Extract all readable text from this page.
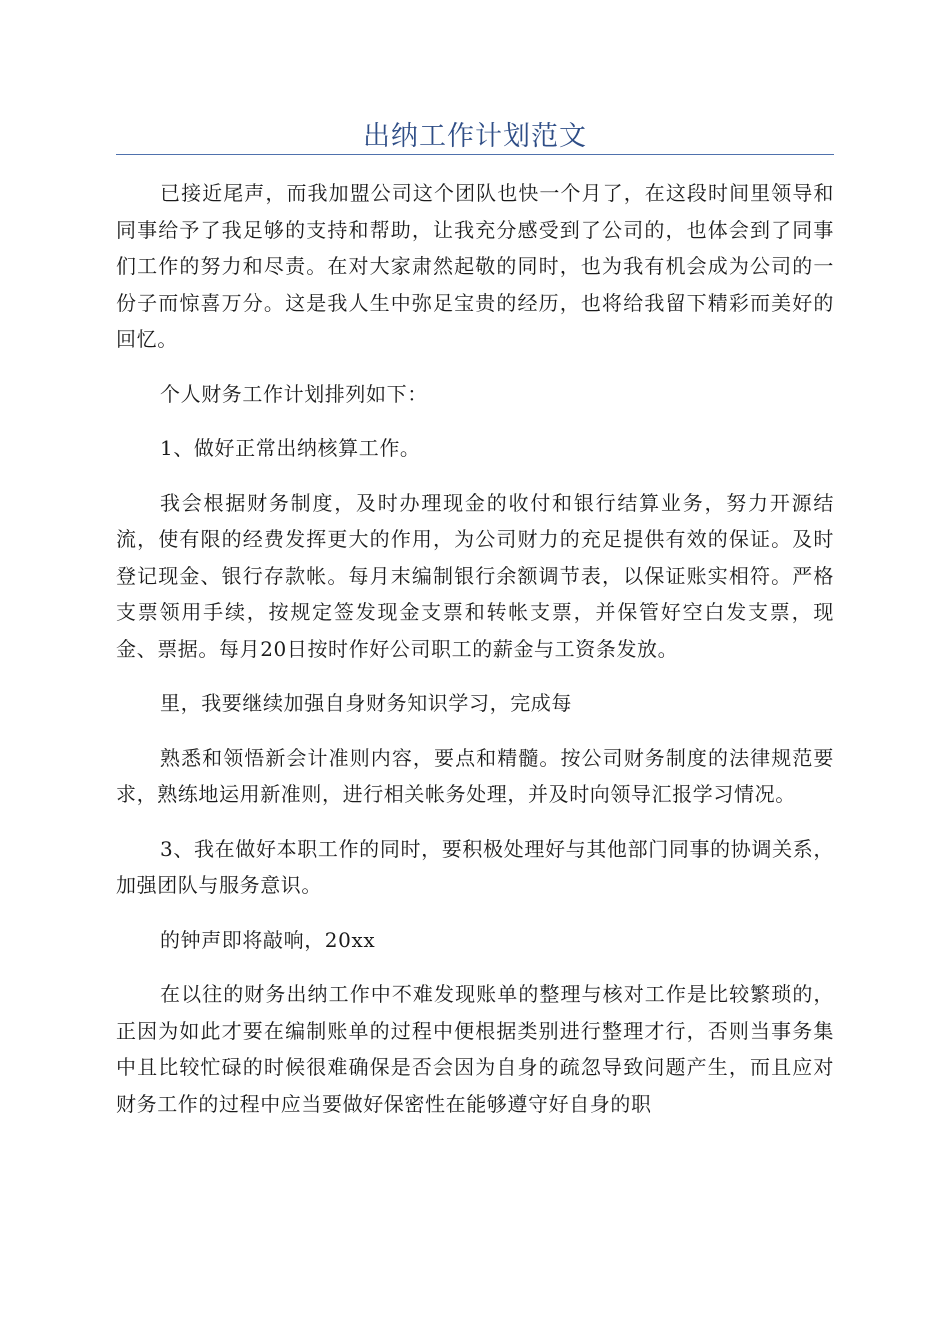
出纳工作计划范文

已接近尾声，而我加盟公司这个团队也快一个月了，在这段时间里领导和同事给予了我足够的支持和帮助，让我充分感受到了公司的，也体会到了同事们工作的努力和尽责。在对大家肃然起敬的同时，也为我有机会成为公司的一份子而惊喜万分。这是我人生中弥足宝贵的经历，也将给我留下精彩而美好的回忆。

个人财务工作计划排列如下：

1、做好正常出纳核算工作。

我会根据财务制度，及时办理现金的收付和银行结算业务，努力开源结流，使有限的经费发挥更大的作用，为公司财力的充足提供有效的保证。及时登记现金、银行存款帐。每月末编制银行余额调节表，以保证账实相符。严格支票领用手续，按规定签发现金支票和转帐支票，并保管好空白发支票，现金、票据。每月20日按时作好公司职工的薪金与工资条发放。

里，我要继续加强自身财务知识学习，完成每

熟悉和领悟新会计准则内容，要点和精髓。按公司财务制度的法律规范要求，熟练地运用新准则，进行相关帐务处理，并及时向领导汇报学习情况。

3、我在做好本职工作的同时，要积极处理好与其他部门同事的协调关系，加强团队与服务意识。

的钟声即将敲响，20xx

在以往的财务出纳工作中不难发现账单的整理与核对工作是比较繁琐的，正因为如此才要在编制账单的过程中便根据类别进行整理才行，否则当事务集中且比较忙碌的时候很难确保是否会因为自身的疏忽导致问题产生，而且应对财务工作的过程中应当要做好保密性在能够遵守好自身的职
